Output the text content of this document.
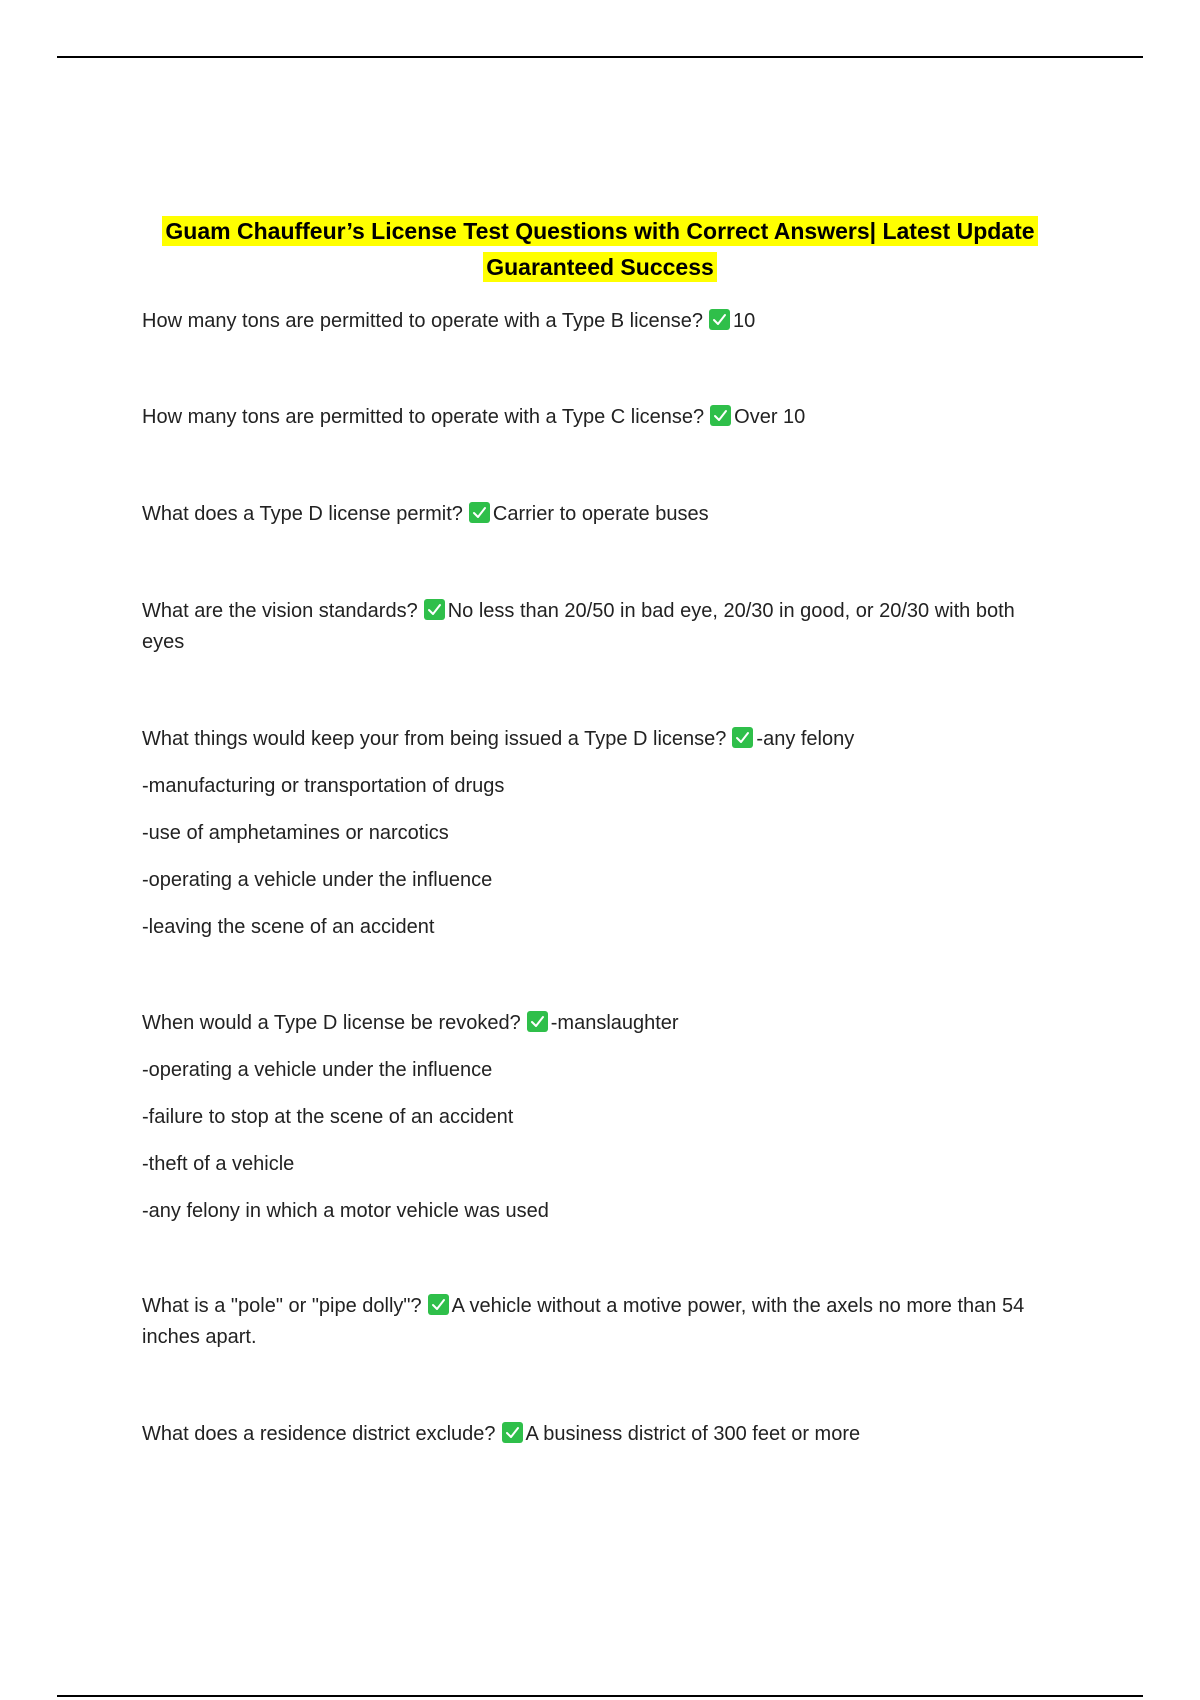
Guam Chauffeur’s License Test Questions with Correct Answers| Latest Update
Guaranteed Success
How many tons are permitted to operate with a Type B license? 10
How many tons are permitted to operate with a Type C license? Over 10
What does a Type D license permit? Carrier to operate buses
What are the vision standards? No less than 20/50 in bad eye, 20/30 in good, or 20/30 with both eyes
What things would keep your from being issued a Type D license? -any felony
-manufacturing or transportation of drugs
-use of amphetamines or narcotics
-operating a vehicle under the influence
-leaving the scene of an accident
When would a Type D license be revoked? -manslaughter
-operating a vehicle under the influence
-failure to stop at the scene of an accident
-theft of a vehicle
-any felony in which a motor vehicle was used
What is a "pole" or "pipe dolly"? A vehicle without a motive power, with the axels no more than 54 inches apart.
What does a residence district exclude? A business district of 300 feet or more
